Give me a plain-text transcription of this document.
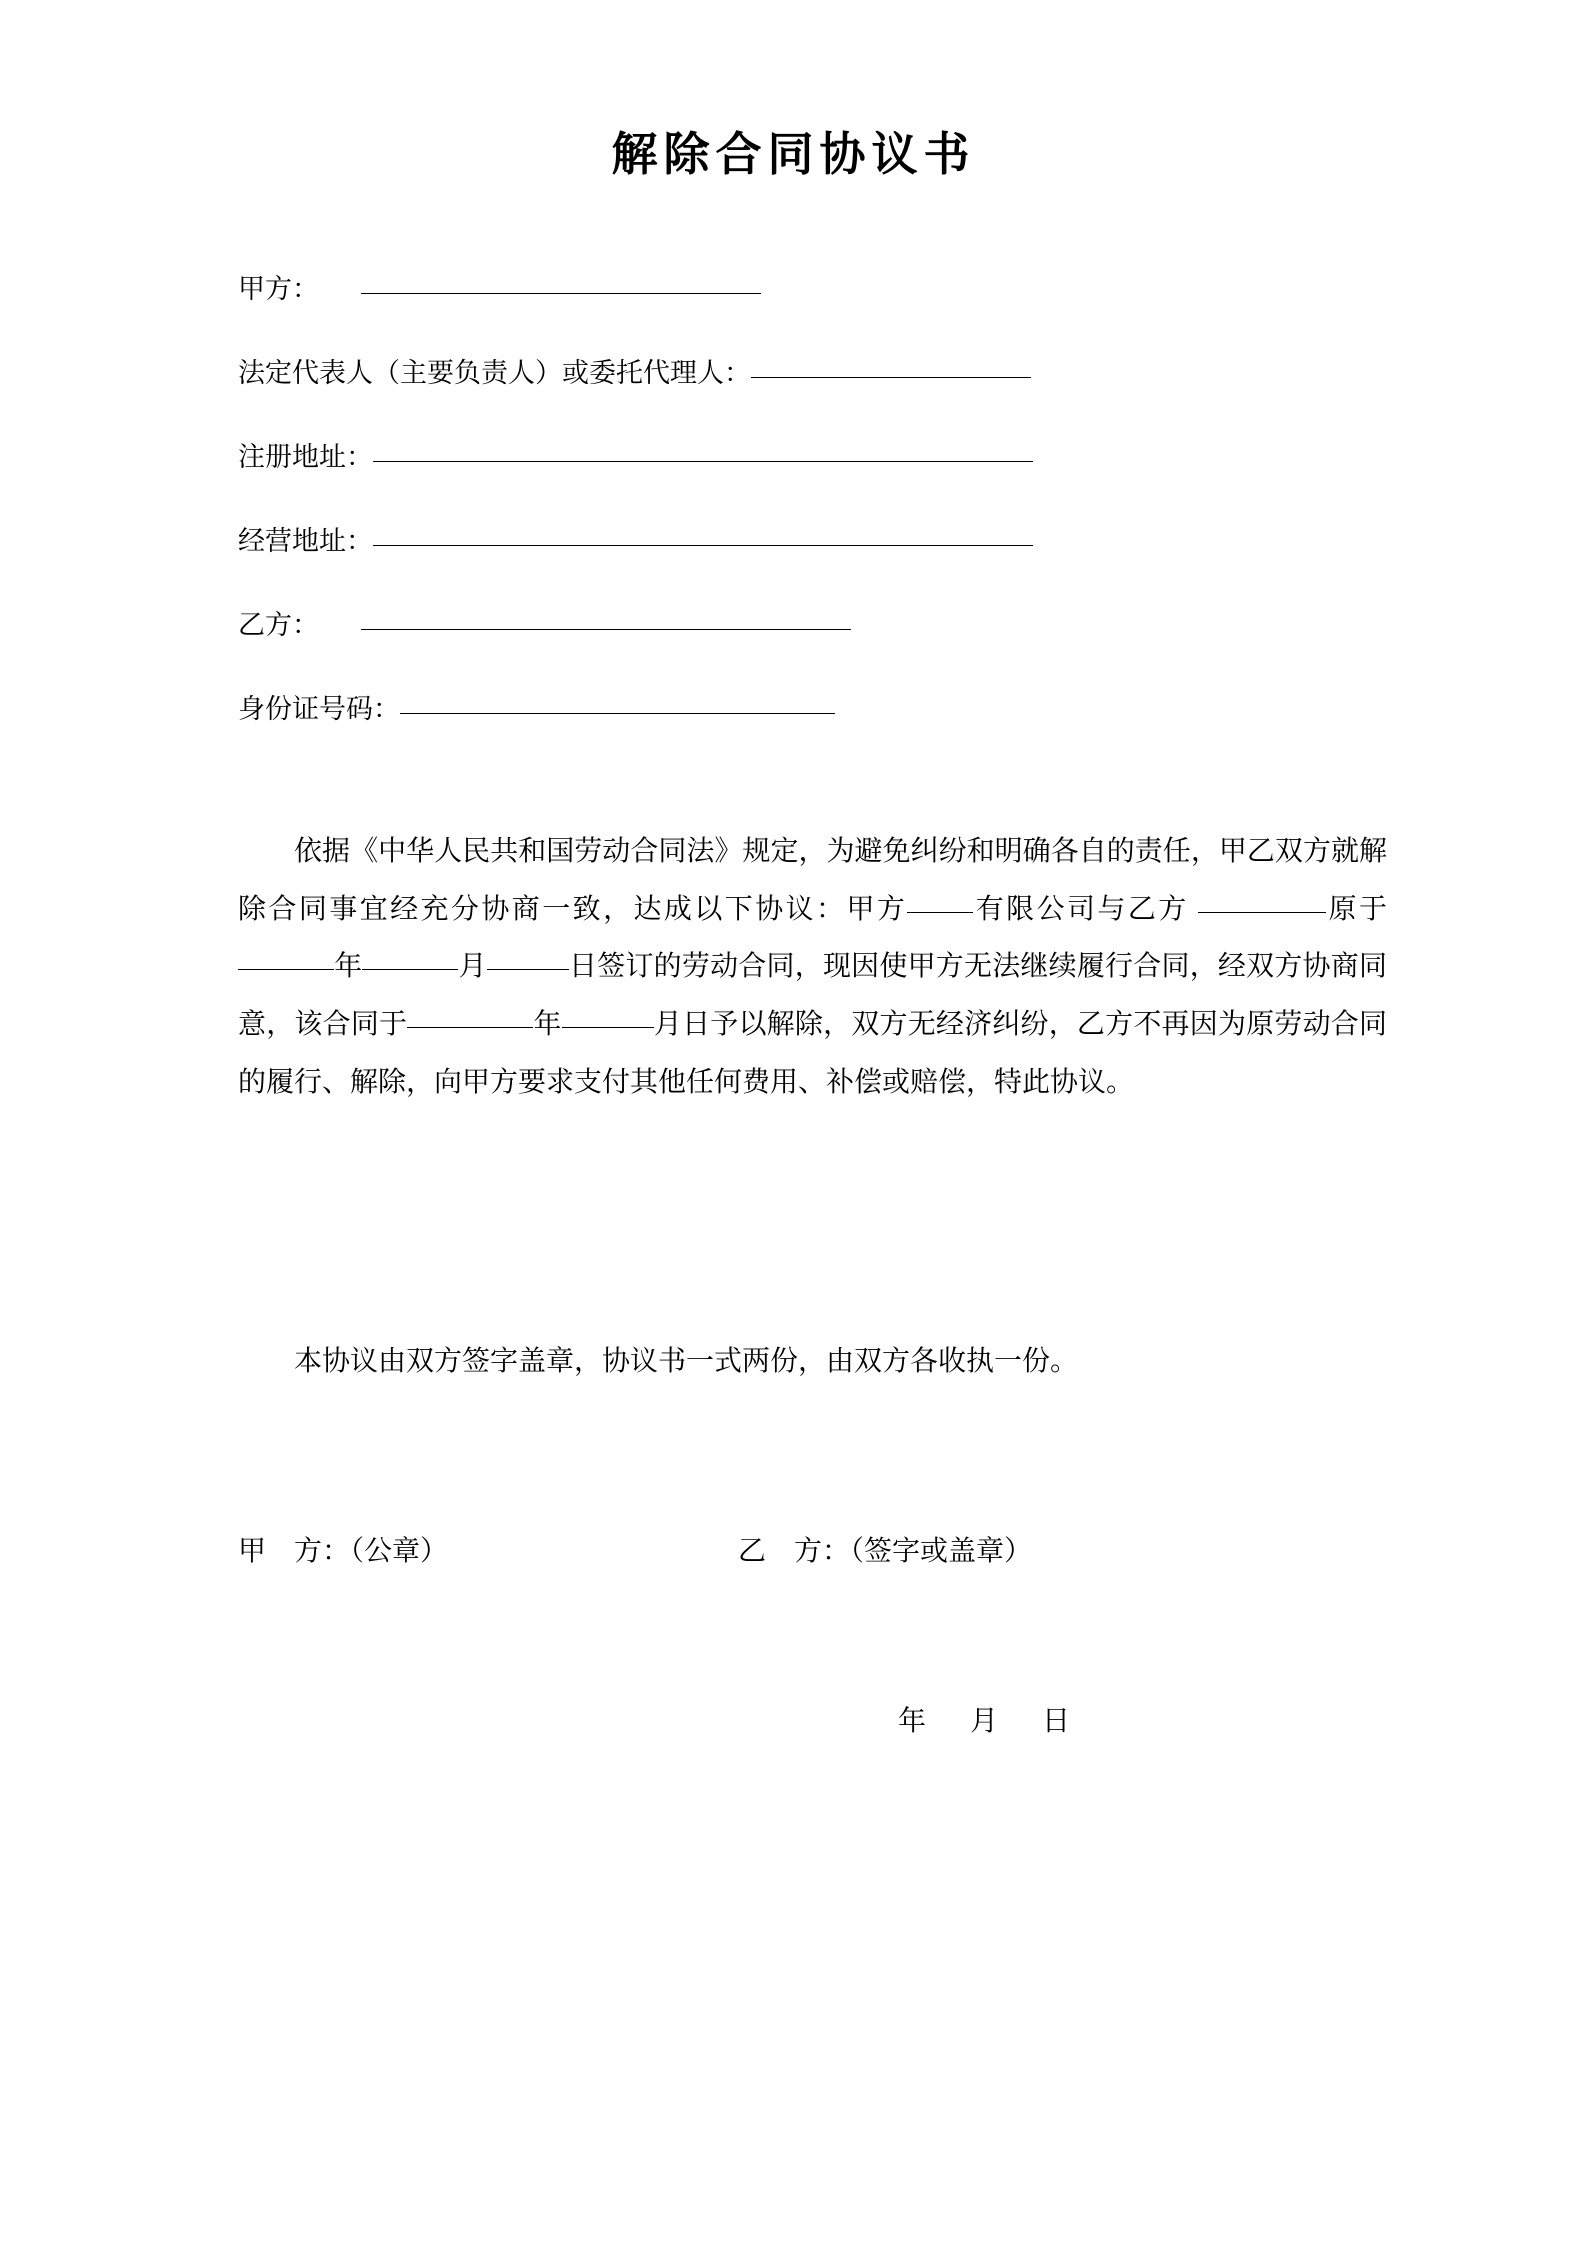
解除合同协议书
甲方：
法定代表人（主要负责人）或委托代理人：
注册地址：
经营地址：
乙方：
身份证号码：

依据《中华人民共和国劳动合同法》规定，为避免纠纷和明确各自的责任，甲乙双方就解除合同事宜经充分协商一致，达成以下协议：甲方 有限公司与乙方	原于年	月	日签订的劳动合同，现因使甲方无法继续履行合同，经双方协商同意，该合同于	年	月日予以解除，双方无经济纠纷，乙方不再因为原劳动合同的履行、解除，向甲方要求支付其他任何费用、补偿或赔偿，特此协议。

本协议由双方签字盖章，协议书一式两份，由双方各收执一份。

甲　方：（公章）	乙　方：（签字或盖章）
年	月	日
